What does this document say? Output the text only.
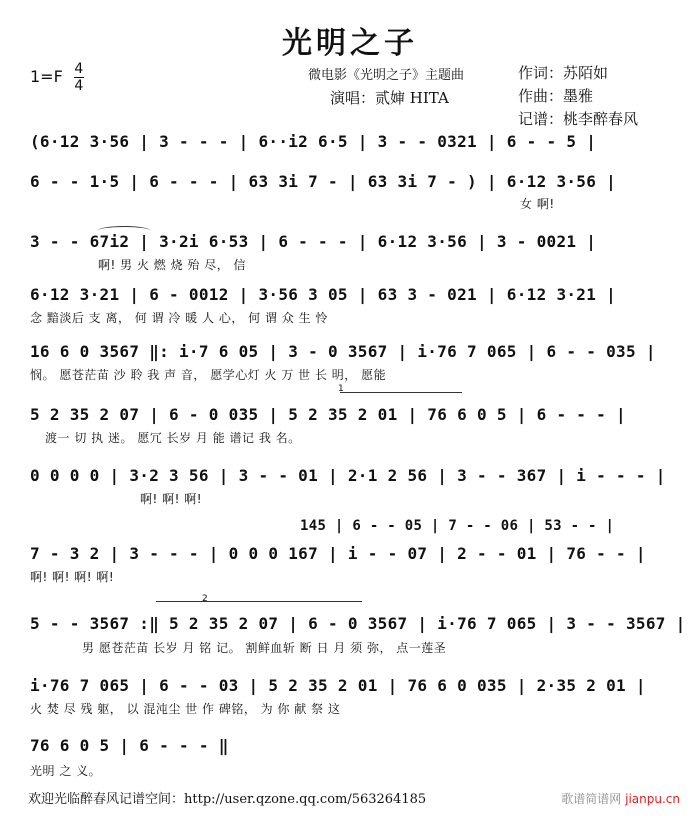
光明之子
$1=F \frac{4}{4}$	微电影《光明之子》主题曲
演唱：贰婶 HITA
作词：苏陌如
作曲：墨雅
记谱：桃李醉春风
(6·12 3·56 | 3 - - - | 6··i2 6·5 | 3 - - 0321 | 6 - - 5 |
6 - - 1·5 | 6 - - - | 63 3i 7 - | 63 3i 7 - ) | 6·12 3·56 |
女 啊!
3 - - 67i2 | 3·2i 6·53 | 6 - - - | 6·12 3·56 | 3 - 0021 |
啊! 男 火 燃 烧 殆 尽， 信
6·12 3·21 | 6 - 0012 | 3·56 3 05 | 63 3 - 021 | 6·12 3·21 |
念 黯淡后 支 离， 何 谓 冷 暖 人 心， 何 谓 众 生 怜
16 6 0 3567 ‖: i·7 6 05 | 3 - 0 3567 | i·76 7 065 | 6 - - 035 |
悯。 愿苍茫苗 沙 聆 我 声 音， 愿学心灯 火 万 世 长 明， 愿能
1
5 2 35 2 07 | 6 - 0 035 | 5 2 35 2 01 | 76 6 0 5 | 6 - - - |
渡一 切 执 迷。 愿冗 长岁 月 能 谱记 我 名。
0 0 0 0 | 3·2 3 56 | 3 - - 01 | 2·1 2 56 | 3 - - 367 | i - - - |
啊! 啊! 啊!
145 | 6 - - 05 | 7 - - 06 | 53 - - |
7 - 3 2 | 3 - - - | 0 0 0 167 | i - - 07 | 2 - - 01 | 76 - - |
啊! 啊! 啊! 啊!
2
5 - - 3567 :‖ 5 2 35 2 07 | 6 - 0 3567 | i·76 7 065 | 3 - - 3567 |
男 愿苍茫苗 长岁 月 铭 记。 割鲜血斩 断 日 月 须 弥， 点一莲圣
i·76 7 065 | 6 - - 03 | 5 2 35 2 01 | 76 6 0 035 | 2·35 2 01 |
火 焚 尽 残 躯， 以 混沌尘 世 作 碑铭， 为 你 献 祭 这
76 6 0 5 | 6 - - - ‖
光明 之 义。
欢迎光临醉春风记谱空间：http://user.qzone.qq.com/563264185	歌谱简谱网 jianpu.cn
